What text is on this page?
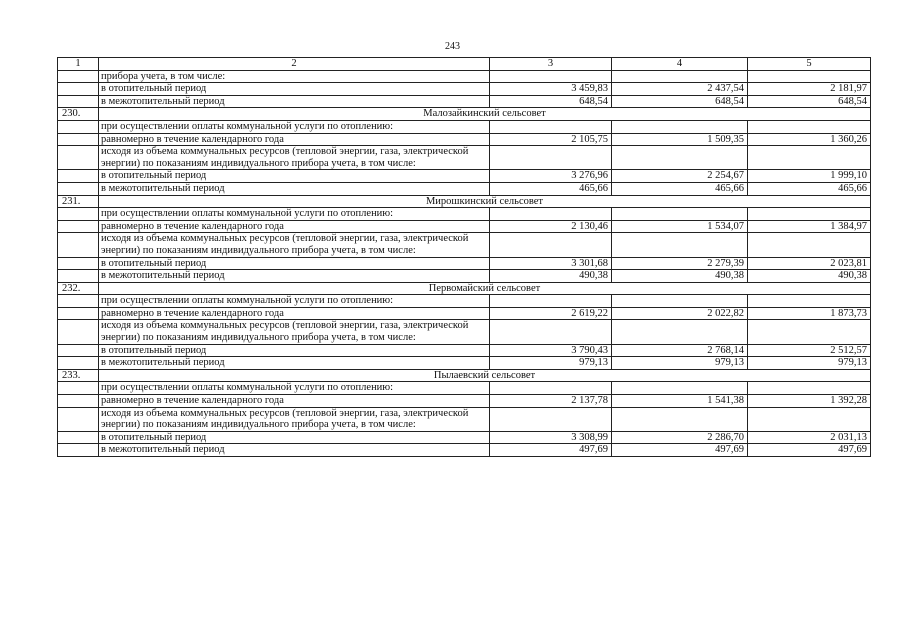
243
1	2	3	4	5
	прибора учета, в том числе:			
	в отопительный период	3 459,83	2 437,54	2 181,97
	в межотопительный период	648,54	648,54	648,54
230.	Малозайкинский сельсовет			
	при осуществлении оплаты коммунальной услуги по отоплению:			
	равномерно в течение календарного года	2 105,75	1 509,35	1 360,26
	исходя из объема коммунальных ресурсов (тепловой энергии, газа, электрической энергии) по показаниям индивидуального прибора учета, в том числе:			
	в отопительный период	3 276,96	2 254,67	1 999,10
	в межотопительный период	465,66	465,66	465,66
231.	Мирошкинский сельсовет			
	при осуществлении оплаты коммунальной услуги по отоплению:			
	равномерно в течение календарного года	2 130,46	1 534,07	1 384,97
	исходя из объема коммунальных ресурсов (тепловой энергии, газа, электрической энергии) по показаниям индивидуального прибора учета, в том числе:			
	в отопительный период	3 301,68	2 279,39	2 023,81
	в межотопительный период	490,38	490,38	490,38
232.	Первомайский сельсовет			
	при осуществлении оплаты коммунальной услуги по отоплению:			
	равномерно в течение календарного года	2 619,22	2 022,82	1 873,73
	исходя из объема коммунальных ресурсов (тепловой энергии, газа, электрической энергии) по показаниям индивидуального прибора учета, в том числе:			
	в отопительный период	3 790,43	2 768,14	2 512,57
	в межотопительный период	979,13	979,13	979,13
233.	Пылаевский сельсовет			
	при осуществлении оплаты коммунальной услуги по отоплению:			
	равномерно в течение календарного года	2 137,78	1 541,38	1 392,28
	исходя из объема коммунальных ресурсов (тепловой энергии, газа, электрической энергии) по показаниям индивидуального прибора учета, в том числе:			
	в отопительный период	3 308,99	2 286,70	2 031,13
	в межотопительный период	497,69	497,69	497,69
